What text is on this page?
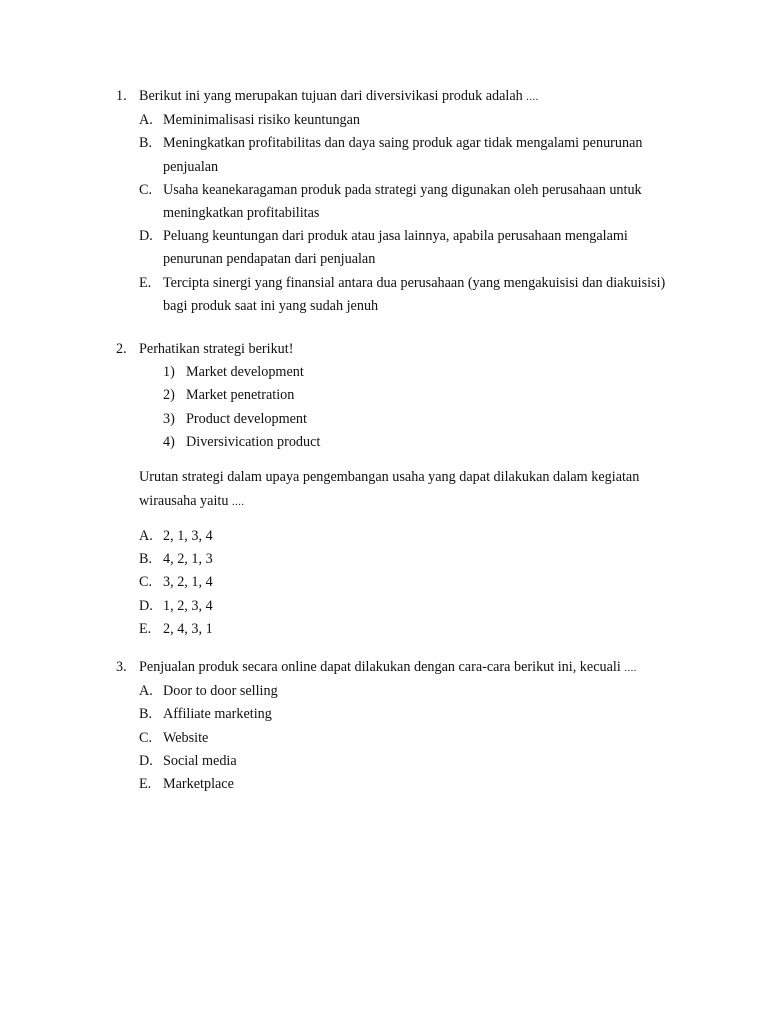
1. Berikut ini yang merupakan tujuan dari diversivikasi produk adalah ....
A. Meminimalisasi risiko keuntungan
B. Meningkatkan profitabilitas dan daya saing produk agar tidak mengalami penurunan
penjualan
C. Usaha keanekaragaman produk pada strategi yang digunakan oleh perusahaan untuk
meningkatkan profitabilitas
D. Peluang keuntungan dari produk atau jasa lainnya, apabila perusahaan mengalami
penurunan pendapatan dari penjualan
E. Tercipta sinergi yang finansial antara dua perusahaan (yang mengakuisisi dan diakuisisi)
bagi produk saat ini yang sudah jenuh
2. Perhatikan strategi berikut!
1) Market development
2) Market penetration
3) Product development
4) Diversivication product
Urutan strategi dalam upaya pengembangan usaha yang dapat dilakukan dalam kegiatan
wirausaha yaitu ....
A. 2, 1, 3, 4
B. 4, 2, 1, 3
C. 3, 2, 1, 4
D. 1, 2, 3, 4
E. 2, 4, 3, 1
3. Penjualan produk secara online dapat dilakukan dengan cara-cara berikut ini, kecuali ....
A. Door to door selling
B. Affiliate marketing
C. Website
D. Social media
E. Marketplace
